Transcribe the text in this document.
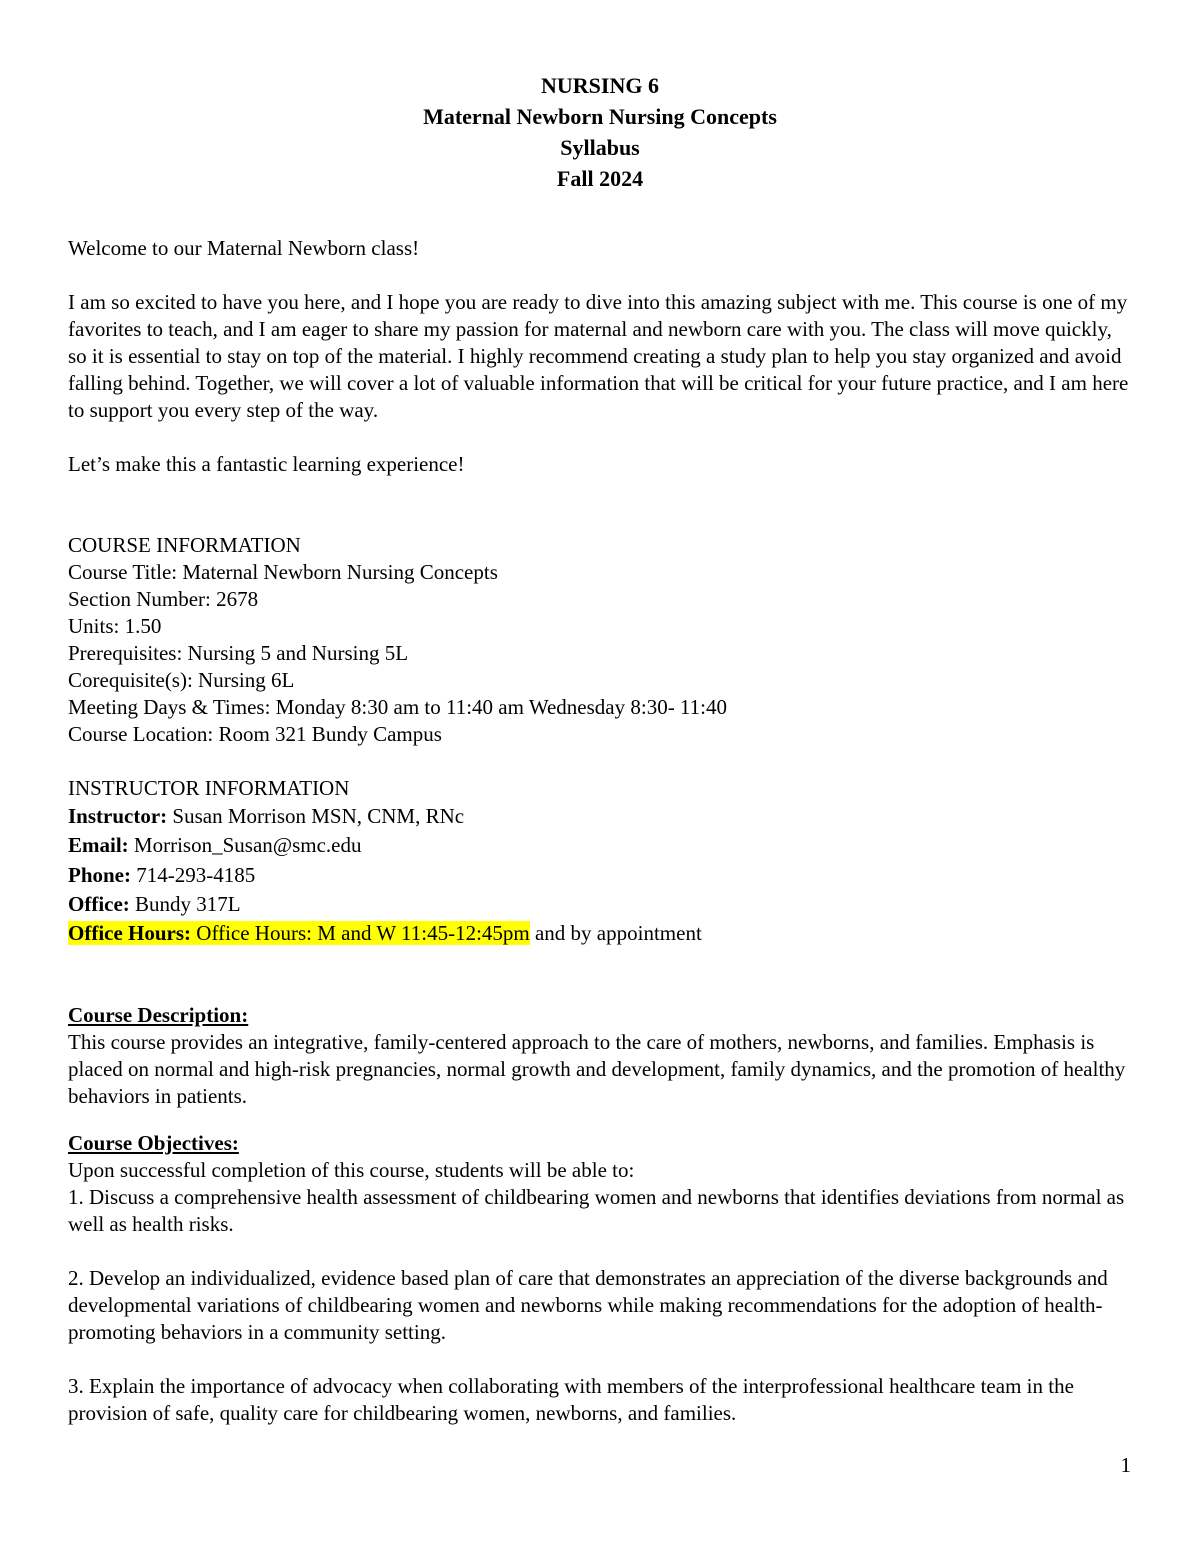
NURSING 6
Maternal Newborn Nursing Concepts
Syllabus
Fall 2024

Welcome to our Maternal Newborn class!

I am so excited to have you here, and I hope you are ready to dive into this amazing subject with me. This course is one of my favorites to teach, and I am eager to share my passion for maternal and newborn care with you. The class will move quickly, so it is essential to stay on top of the material. I highly recommend creating a study plan to help you stay organized and avoid falling behind. Together, we will cover a lot of valuable information that will be critical for your future practice, and I am here to support you every step of the way.

Let’s make this a fantastic learning experience!

COURSE INFORMATION
Course Title: Maternal Newborn Nursing Concepts
Section Number: 2678
Units: 1.50
Prerequisites: Nursing 5 and Nursing 5L
Corequisite(s): Nursing 6L
Meeting Days & Times: Monday 8:30 am to 11:40 am Wednesday 8:30- 11:40
Course Location: Room 321 Bundy Campus
INSTRUCTOR INFORMATION
Instructor: Susan Morrison MSN, CNM, RNc
Email: Morrison_Susan@smc.edu
Phone: 714-293-4185
Office: Bundy 317L
Office Hours: Office Hours: M and W 11:45-12:45pm and by appointment
Course Description:

This course provides an integrative, family-centered approach to the care of mothers, newborns, and families. Emphasis is placed on normal and high-risk pregnancies, normal growth and development, family dynamics, and the promotion of healthy behaviors in patients.

Course Objectives:

Upon successful completion of this course, students will be able to:

1. Discuss a comprehensive health assessment of childbearing women and newborns that identifies deviations from normal as well as health risks.

2. Develop an individualized, evidence based plan of care that demonstrates an appreciation of the diverse backgrounds and developmental variations of childbearing women and newborns while making recommendations for the adoption of health-promoting behaviors in a community setting.

3. Explain the importance of advocacy when collaborating with members of the interprofessional healthcare team in the provision of safe, quality care for childbearing women, newborns, and families.

1
